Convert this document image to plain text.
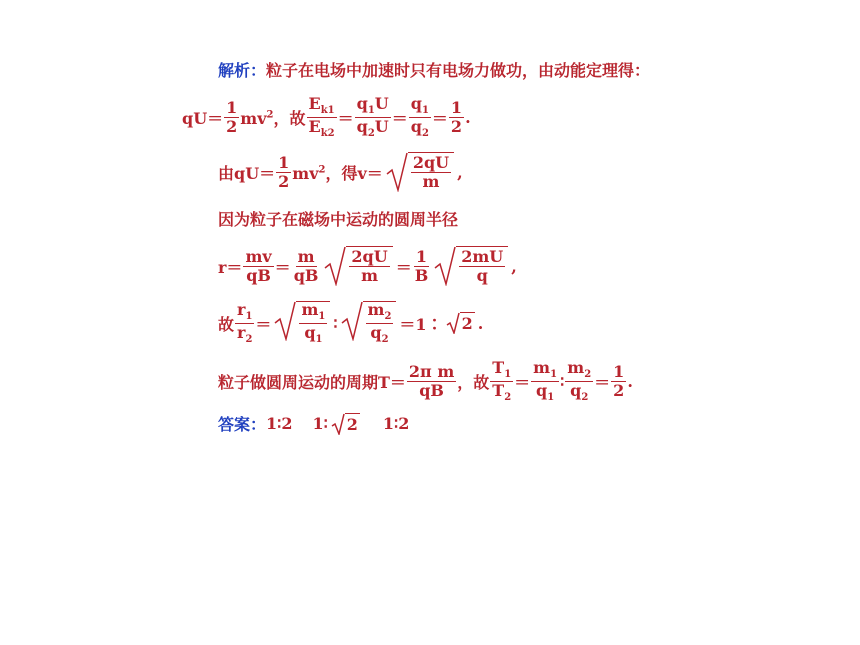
解析： 粒子在电场中加速时只有电场力做功，由动能定理得：
$qU= \frac{1}{2} mv^2$，故 $\frac{E_{k1}}{E_{k2}} = \frac{q_1U}{q_2U} = \frac{q_1}{q_2} = \frac{1}{2}$ .
由$qU= \frac{1}{2} mv^2$，得$v= \frac{2qU}{m}$ ,
因为粒子在磁场中运动的圆周半径
$r= \frac{mv}{qB} = \frac{m}{qB} \frac{2qU}{m} = \frac{1}{B} \frac{2mU}{q}$ ,
故 $\frac{r_1}{r_2} = \frac{m_1}{q_1}$ ∶ $\frac{m_2}{q_2}$ ＝1∶ 2 .
粒子做圆周运动的周期$T= \frac{\text{2π m}}{qB}$ ，故 $\frac{T_1}{T_2} = \frac{m_1}{q_1}$ ∶ $\frac{m_2}{q_2} = \frac{1}{2}$ .
答案： 1∶2 1∶ 2 1∶2
